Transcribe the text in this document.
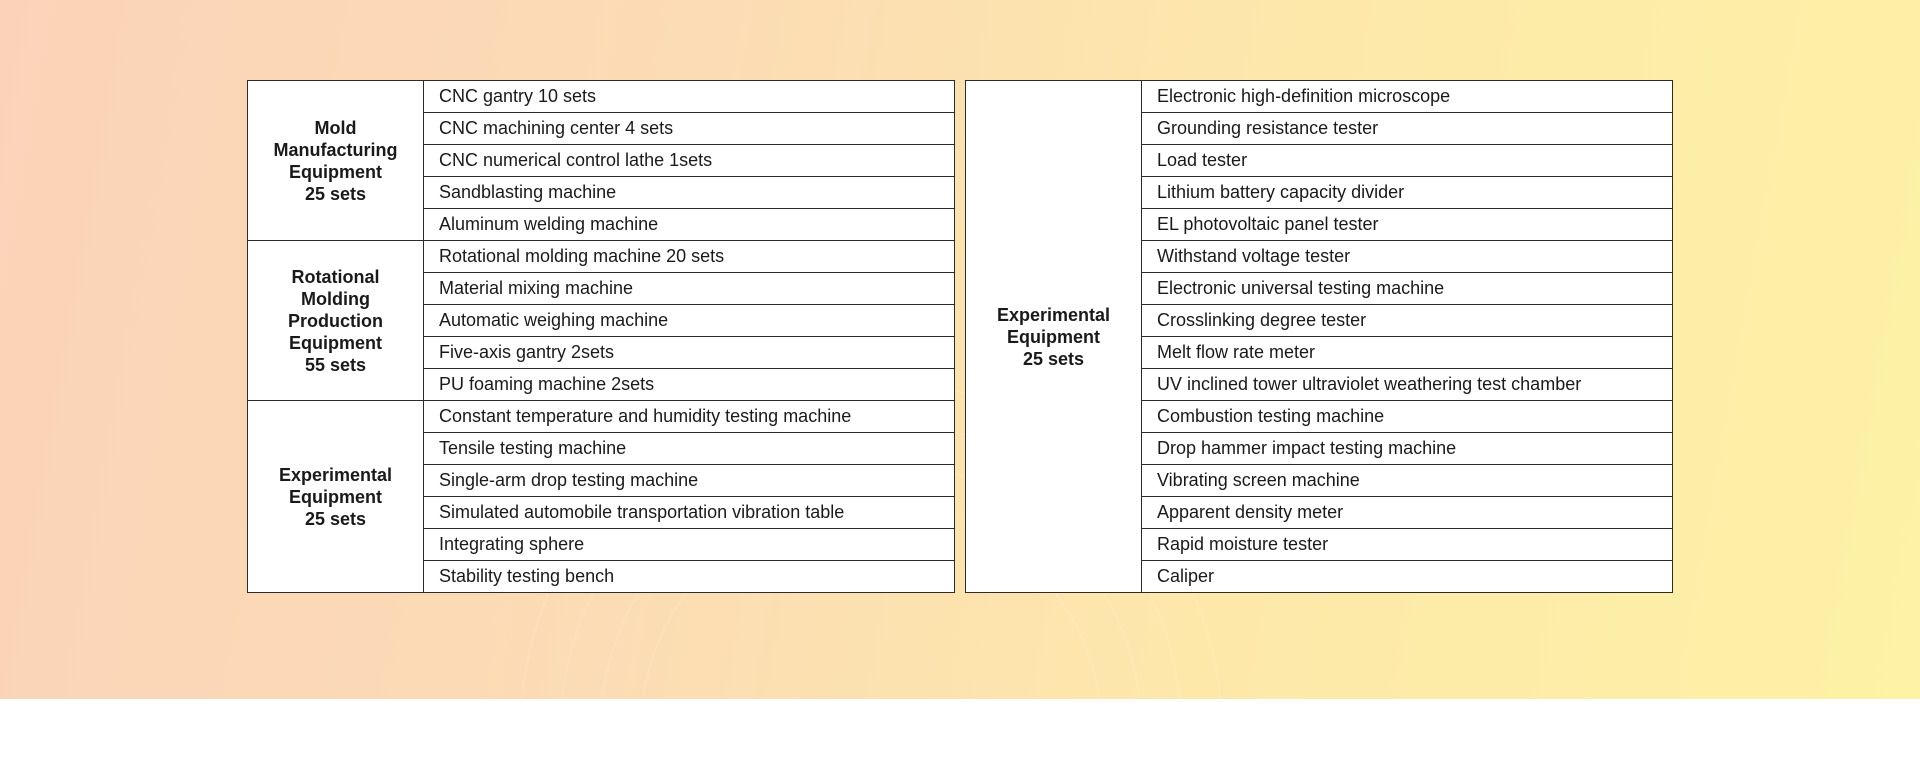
Mold
Manufacturing
Equipment
25 sets	CNC gantry 10 sets
	CNC machining center 4 sets
	CNC numerical control lathe 1sets
	Sandblasting machine
	Aluminum welding machine

Rotational
Molding
Production
Equipment
55 sets	Rotational molding machine 20 sets
	Material mixing machine
	Automatic weighing machine
	Five-axis gantry 2sets
	PU foaming machine 2sets

Experimental
Equipment
25 sets	Constant temperature and humidity testing machine
	Tensile testing machine
	Single-arm drop testing machine
	Simulated automobile transportation vibration table
	Integrating sphere
	Stability testing bench
Experimental
Equipment
25 sets
	Electronic high-definition microscope
Grounding resistance tester
Load tester
Lithium battery capacity divider
EL photovoltaic panel tester
Withstand voltage tester
Electronic universal testing machine
Crosslinking degree tester
Melt flow rate meter
UV inclined tower ultraviolet weathering test chamber
Combustion testing machine
Drop hammer impact testing machine
Vibrating screen machine
Apparent density meter
Rapid moisture tester
Caliper
